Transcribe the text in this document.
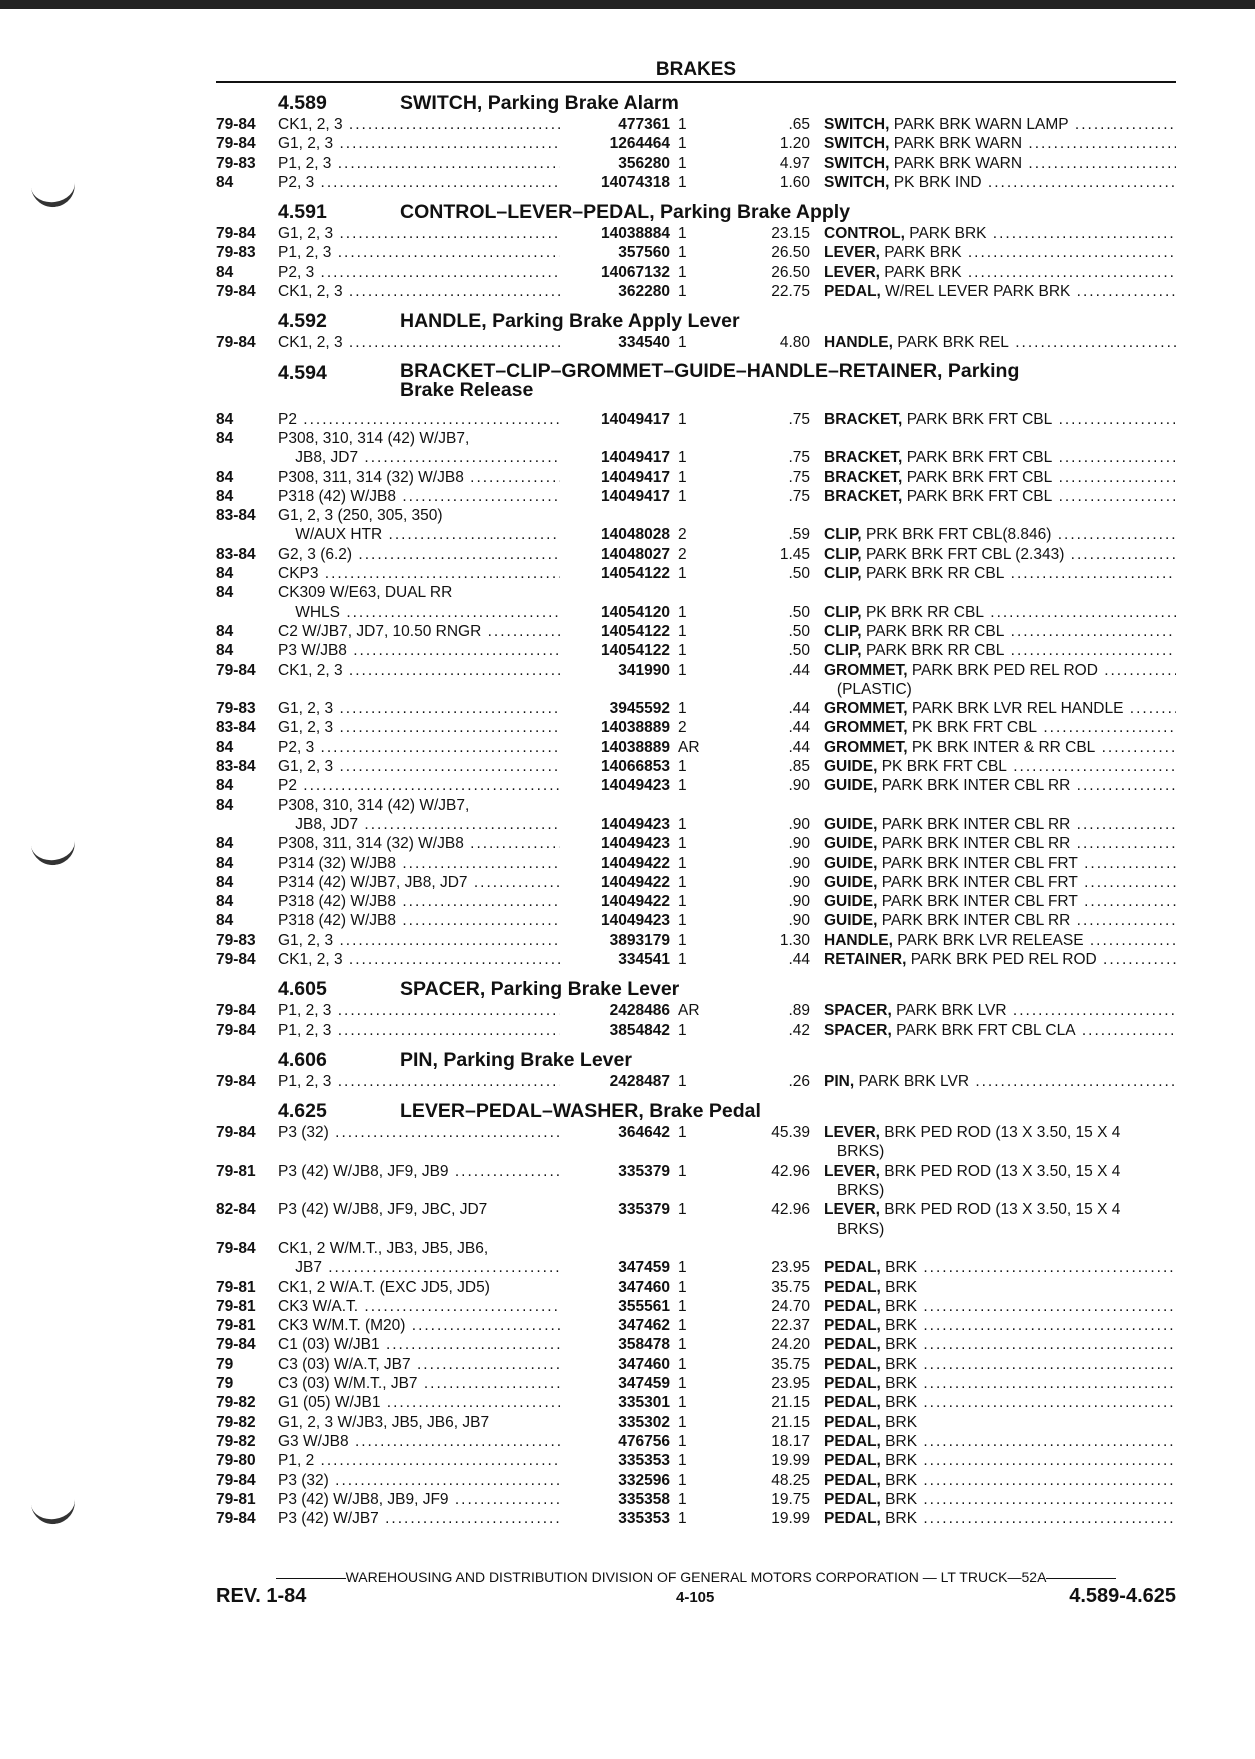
BRAKES
4.589	SWITCH, Parking Brake Alarm
79-84	CK1, 2, 3 .....	477361 1	.65 SWITCH, PARK BRK WARN LAMP .....
79-84	G1, 2, 3 .....	1264464 1	1.20 SWITCH, PARK BRK WARN .....
79-83	P1, 2, 3 .....	356280 1	4.97 SWITCH, PARK BRK WARN .....
84	P2, 3 .....	14074318 1	1.60 SWITCH, PK BRK IND .....
4.591	CONTROL–LEVER–PEDAL, Parking Brake Apply
79-84	G1, 2, 3 .....	14038884 1	23.15 CONTROL, PARK BRK .....
79-83	P1, 2, 3 .....	357560 1	26.50 LEVER, PARK BRK .....
84	P2, 3 .....	14067132 1	26.50 LEVER, PARK BRK .....
79-84	CK1, 2, 3 .....	362280 1	22.75 PEDAL, W/REL LEVER PARK BRK .....
4.592	HANDLE, Parking Brake Apply Lever
79-84	CK1, 2, 3 .....	334540 1	4.80 HANDLE, PARK BRK REL .....
4.594	BRACKET–CLIP–GROMMET–GUIDE–HANDLE–RETAINER, Parking
Brake Release
84	P2 .....	14049417 1	.75 BRACKET, PARK BRK FRT CBL .....
84	P308, 310, 314 (42) W/JB7,
JB8, JD7 .....	14049417 1	.75 BRACKET, PARK BRK FRT CBL .....
84	P308, 311, 314 (32) W/JB8 .....	14049417 1	.75 BRACKET, PARK BRK FRT CBL .....
84	P318 (42) W/JB8 .....	14049417 1	.75 BRACKET, PARK BRK FRT CBL .....
83-84	G1, 2, 3 (250, 305, 350)
W/AUX HTR .....	14048028 2	.59 CLIP, PRK BRK FRT CBL(8.846) .....
83-84	G2, 3 (6.2) .....	14048027 2	1.45 CLIP, PARK BRK FRT CBL (2.343) .....
84	CKP3 .....	14054122 1	.50 CLIP, PARK BRK RR CBL .....
84	CK309 W/E63, DUAL RR
WHLS .....	14054120 1	.50 CLIP, PK BRK RR CBL .....
84	C2 W/JB7, JD7, 10.50 RNGR .....	14054122 1	.50 CLIP, PARK BRK RR CBL .....
84	P3 W/JB8 .....	14054122 1	.50 CLIP, PARK BRK RR CBL .....
79-84	CK1, 2, 3 .....	341990 1	.44 GROMMET, PARK BRK PED REL ROD .....
(PLASTIC)
79-83	G1, 2, 3 .....	3945592 1	.44 GROMMET, PARK BRK LVR REL HANDLE .....
83-84	G1, 2, 3 .....	14038889 2	.44 GROMMET, PK BRK FRT CBL .....
84	P2, 3 .....	14038889 AR	.44 GROMMET, PK BRK INTER & RR CBL .....
83-84	G1, 2, 3 .....	14066853 1	.85 GUIDE, PK BRK FRT CBL .....
84	P2 .....	14049423 1	.90 GUIDE, PARK BRK INTER CBL RR .....
84	P308, 310, 314 (42) W/JB7,
JB8, JD7 .....	14049423 1	.90 GUIDE, PARK BRK INTER CBL RR .....
84	P308, 311, 314 (32) W/JB8 .....	14049423 1	.90 GUIDE, PARK BRK INTER CBL RR .....
84	P314 (32) W/JB8 .....	14049422 1	.90 GUIDE, PARK BRK INTER CBL FRT .....
84	P314 (42) W/JB7, JB8, JD7 .....	14049422 1	.90 GUIDE, PARK BRK INTER CBL FRT .....
84	P318 (42) W/JB8 .....	14049422 1	.90 GUIDE, PARK BRK INTER CBL FRT .....
84	P318 (42) W/JB8 .....	14049423 1	.90 GUIDE, PARK BRK INTER CBL RR .....
79-83	G1, 2, 3 .....	3893179 1	1.30 HANDLE, PARK BRK LVR RELEASE .....
79-84	CK1, 2, 3 .....	334541 1	.44 RETAINER, PARK BRK PED REL ROD .....
4.605	SPACER, Parking Brake Lever
79-84	P1, 2, 3 .....	2428486 AR	.89 SPACER, PARK BRK LVR .....
79-84	P1, 2, 3 .....	3854842 1	.42 SPACER, PARK BRK FRT CBL CLA .....
4.606	PIN, Parking Brake Lever
79-84	P1, 2, 3 .....	2428487 1	.26 PIN, PARK BRK LVR .....
4.625	LEVER–PEDAL–WASHER, Brake Pedal
79-84	P3 (32) .....	364642 1	45.39 LEVER, BRK PED ROD (13 X 3.50, 15 X 4
BRKS)
79-81	P3 (42) W/JB8, JF9, JB9 .....	335379 1	42.96 LEVER, BRK PED ROD (13 X 3.50, 15 X 4
BRKS)
82-84	P3 (42) W/JB8, JF9, JBC, JD7	335379 1	42.96 LEVER, BRK PED ROD (13 X 3.50, 15 X 4
BRKS)
79-84	CK1, 2 W/M.T., JB3, JB5, JB6,
JB7 .....	347459 1	23.95 PEDAL, BRK .....
79-81	CK1, 2 W/A.T. (EXC JD5, JD5)	347460 1	35.75 PEDAL, BRK
79-81	CK3 W/A.T. .....	355561 1	24.70 PEDAL, BRK .....
79-81	CK3 W/M.T. (M20) .....	347462 1	22.37 PEDAL, BRK .....
79-84	C1 (03) W/JB1 .....	358478 1	24.20 PEDAL, BRK .....
79	C3 (03) W/A.T, JB7 .....	347460 1	35.75 PEDAL, BRK .....
79	C3 (03) W/M.T., JB7 .....	347459 1	23.95 PEDAL, BRK .....
79-82	G1 (05) W/JB1 .....	335301 1	21.15 PEDAL, BRK .....
79-82	G1, 2, 3 W/JB3, JB5, JB6, JB7	335302 1	21.15 PEDAL, BRK
79-82	G3 W/JB8 .....	476756 1	18.17 PEDAL, BRK .....
79-80	P1, 2 .....	335353 1	19.99 PEDAL, BRK .....
79-84	P3 (32) .....	332596 1	48.25 PEDAL, BRK .....
79-81	P3 (42) W/JB8, JB9, JF9 .....	335358 1	19.75 PEDAL, BRK .....
79-84	P3 (42) W/JB7 .....	335353 1	19.99 PEDAL, BRK .....
WAREHOUSING AND DISTRIBUTION DIVISION OF GENERAL MOTORS CORPORATION — LT TRUCK—52A
REV. 1-84	4-105	4.589-4.625
